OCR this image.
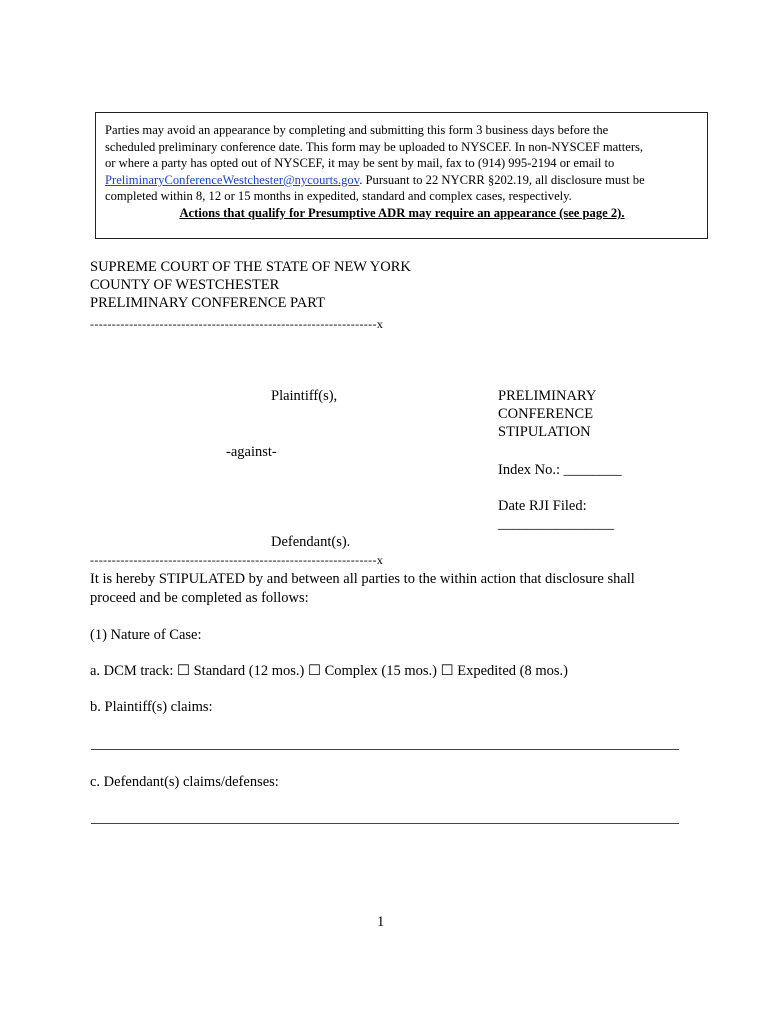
Parties may avoid an appearance by completing and submitting this form 3 business days before the

scheduled preliminary conference date. This form may be uploaded to NYSCEF. In non-NYSCEF matters,

or where a party has opted out of NYSCEF, it may be sent by mail, fax to (914) 995-2194 or email to

PreliminaryConferenceWestchester@nycourts.gov. Pursuant to 22 NYCRR §202.19, all disclosure must be

completed within 8, 12 or 15 months in expedited, standard and complex cases, respectively.

Actions that qualify for Presumptive ADR may require an appearance (see page 2).

SUPREME COURT OF THE STATE OF NEW YORK
COUNTY OF WESTCHESTER
PRELIMINARY CONFERENCE PART
------------------------------------------------------------------x
Plaintiff(s),	PRELIMINARY
CONFERENCE
STIPULATION
-against-
Index No.: ________
Date RJI Filed:
________________
Defendant(s).
------------------------------------------------------------------x
It is hereby STIPULATED by and between all parties to the within action that disclosure shall
proceed and be completed as follows:
(1) Nature of Case:
a. DCM track: ☐ Standard (12 mos.) ☐ Complex (15 mos.) ☐ Expedited (8 mos.)
b. Plaintiff(s) claims:
c. Defendant(s) claims/defenses:
1
